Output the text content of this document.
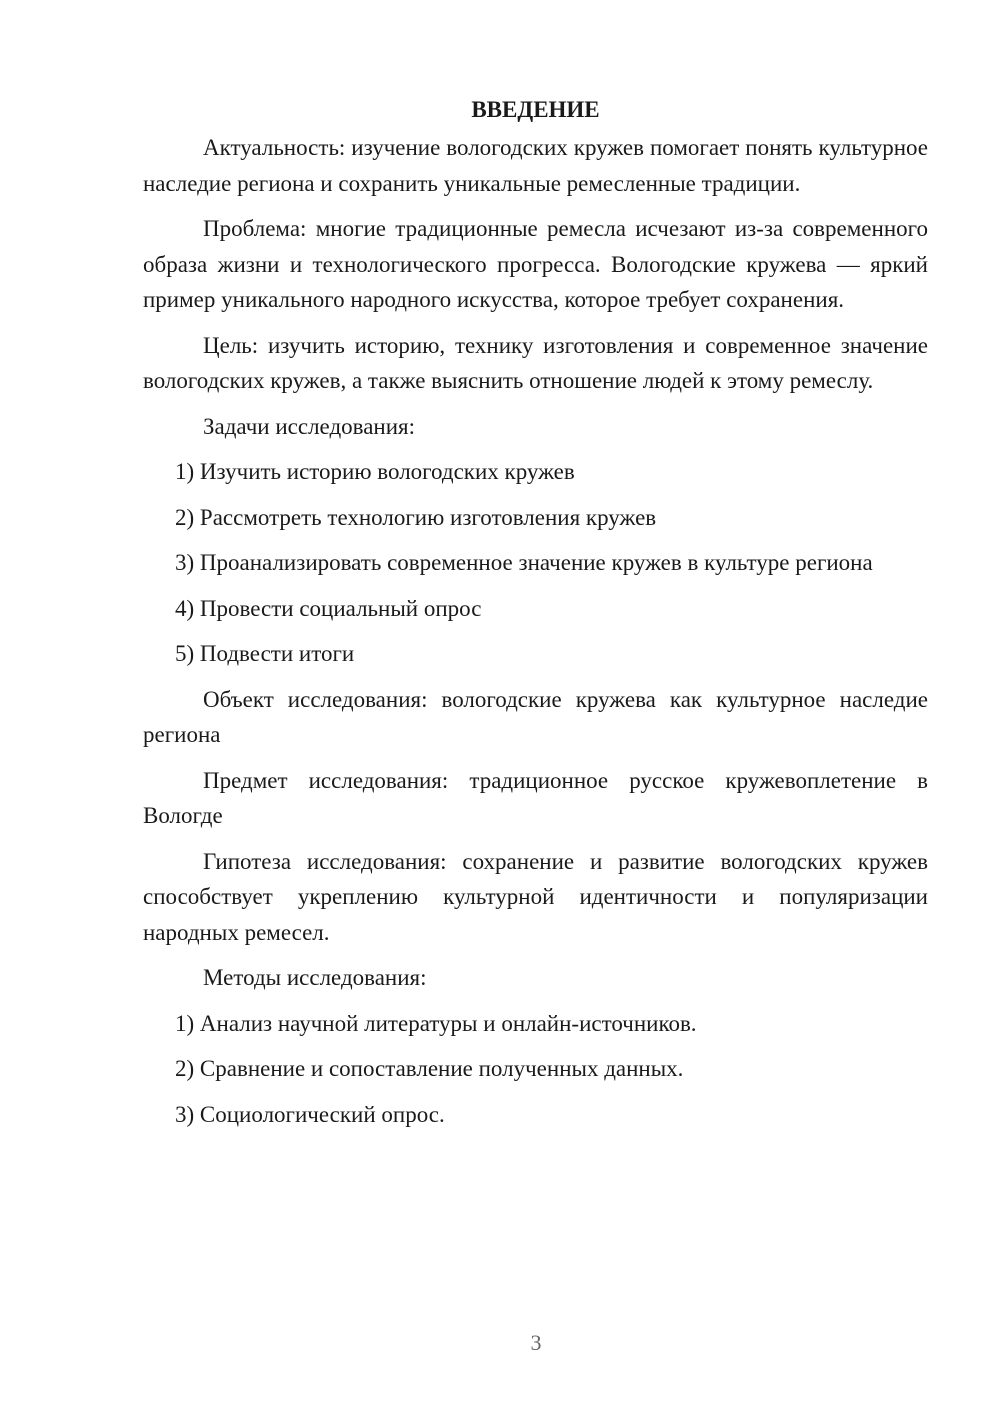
ВВЕДЕНИЕ

Актуальность: изучение вологодских кружев помогает понять культурное наследие региона и сохранить уникальные ремесленные традиции.

Проблема: многие традиционные ремесла исчезают из-за современного образа жизни и технологического прогресса. Вологодские кружева — яркий пример уникального народного искусства, которое требует сохранения.

Цель: изучить историю, технику изготовления и современное значение вологодских кружев, а также выяснить отношение людей к этому ремеслу.

Задачи исследования:

1) Изучить историю вологодских кружев

2) Рассмотреть технологию изготовления кружев

3) Проанализировать современное значение кружев в культуре региона

4) Провести социальный опрос

5) Подвести итоги

Объект исследования: вологодские кружева как культурное наследие региона

Предмет исследования: традиционное русское кружевоплетение в Вологде

Гипотеза исследования: сохранение и развитие вологодских кружев способствует укреплению культурной идентичности и популяризации народных ремесел.

Методы исследования:

1) Анализ научной литературы и онлайн-источников.

2) Сравнение и сопоставление полученных данных.

3) Социологический опрос.

3
